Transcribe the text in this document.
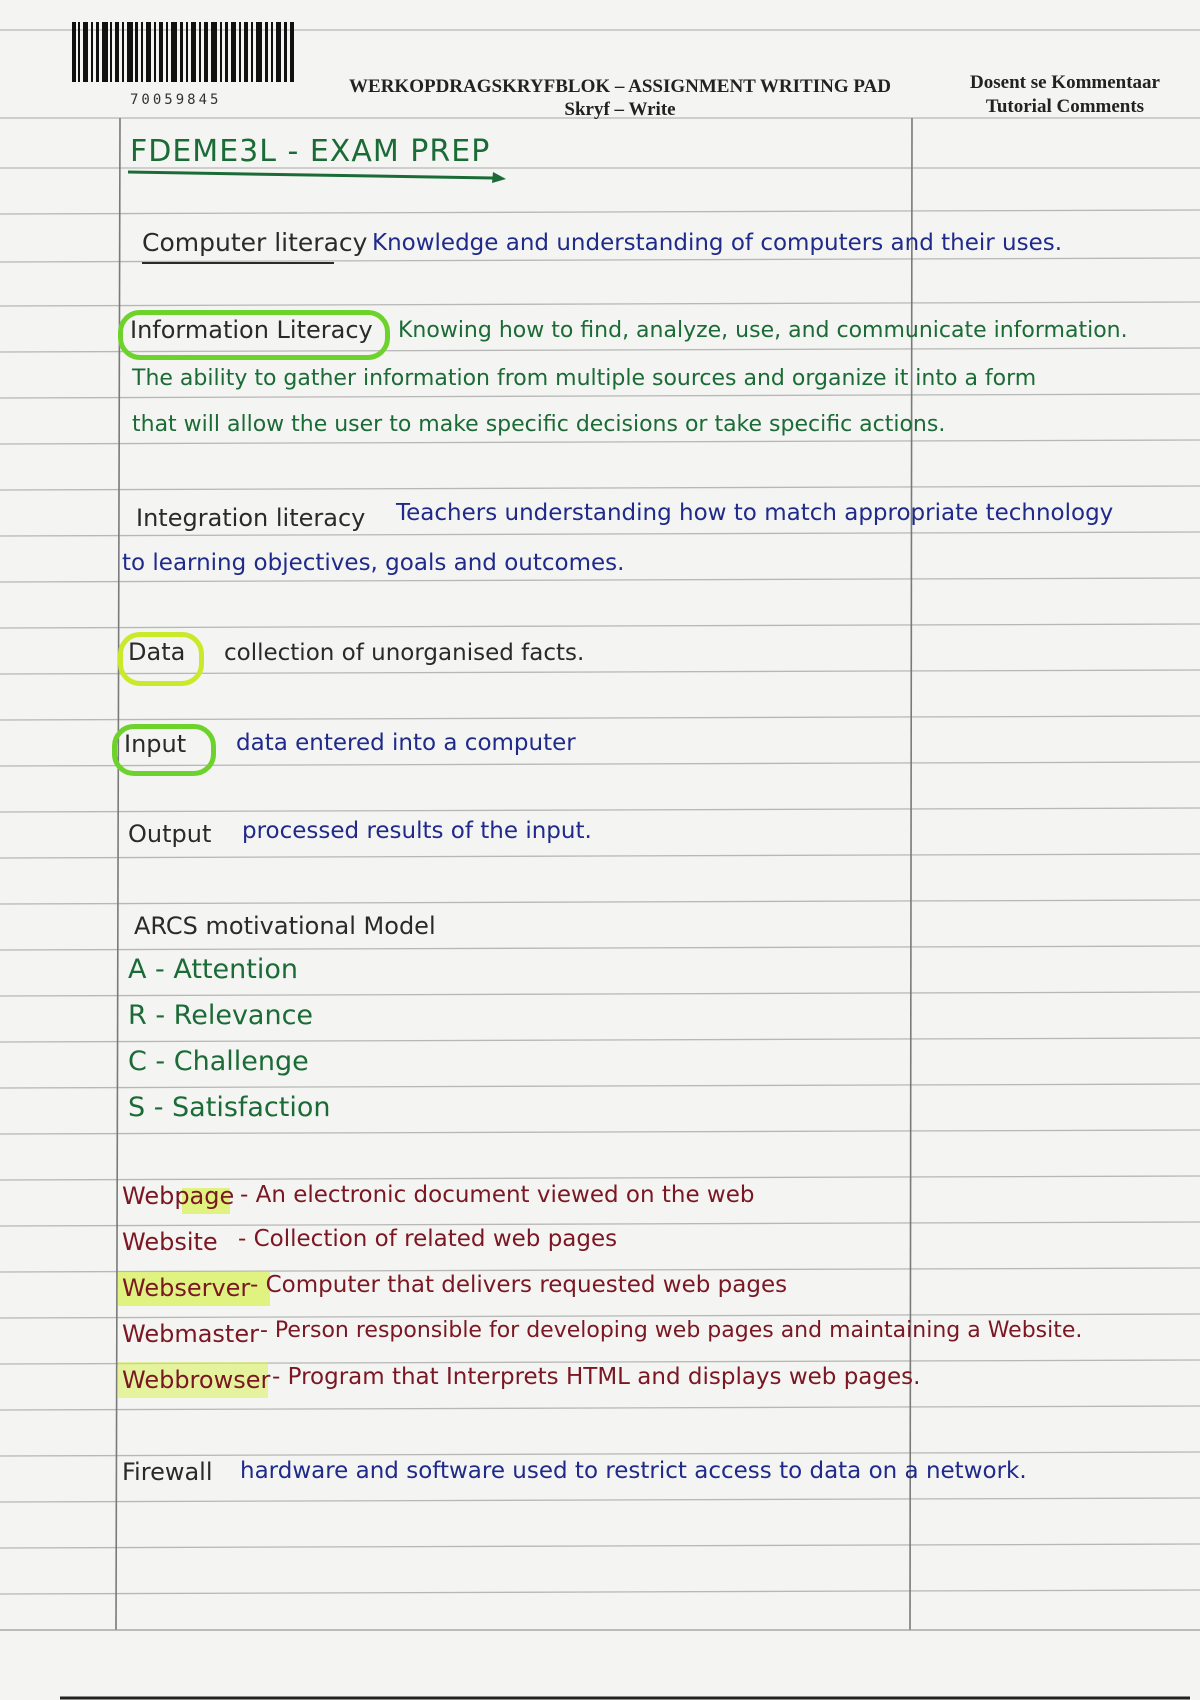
70059845
WERKOPDRAGSKRYFBLOK – ASSIGNMENT WRITING PAD
Skryf – Write
Dosent se Kommentaar
Tutorial Comments
FDEME3L - EXAM PREP
Computer literacy Knowledge and understanding of computers and their uses.
Information Literacy Knowing how to find, analyze, use, and communicate information.
The ability to gather information from multiple sources and organize it into a form
that will allow the user to make specific decisions or take specific actions.
Integration literacy Teachers understanding how to match appropriate technology
to learning objectives, goals and outcomes.
Data collection of unorganised facts.
Input data entered into a computer
Output processed results of the input.
ARCS motivational Model
A - Attention
R - Relevance
C - Challenge
S - Satisfaction
Webpage - An electronic document viewed on the web
Website - Collection of related web pages
Webserver - Computer that delivers requested web pages
Webmaster - Person responsible for developing web pages and maintaining a Website.
Webbrowser - Program that Interprets HTML and displays web pages.
Firewall hardware and software used to restrict access to data on a network.
